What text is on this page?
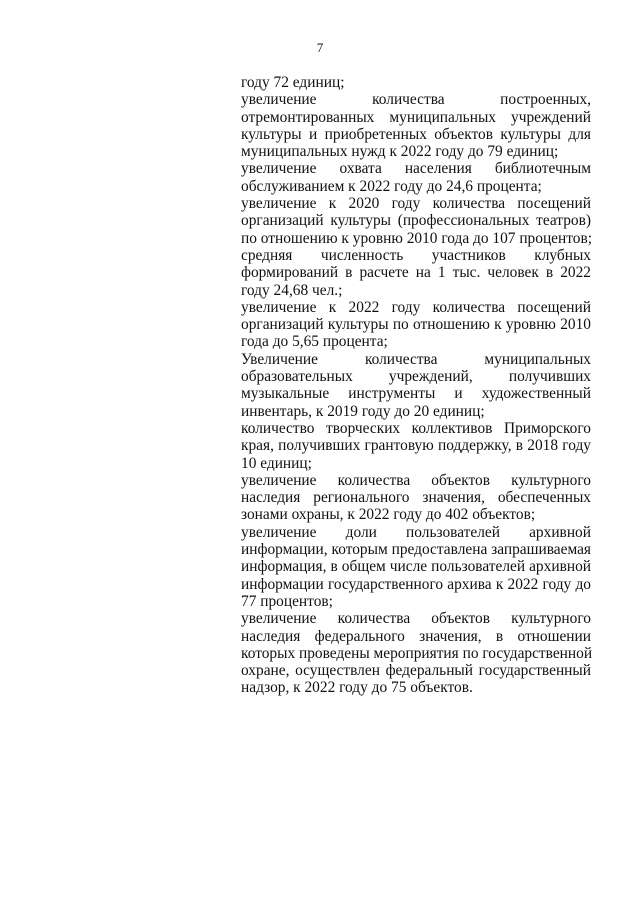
7
году 72 единиц;
увеличение количества построенных,
отремонтированных муниципальных учреждений
культуры и приобретенных объектов культуры для
муниципальных нужд к 2022 году до 79 единиц;
увеличение охвата населения библиотечным
обслуживанием к 2022 году до 24,6 процента;
увеличение к 2020 году количества посещений
организаций культуры (профессиональных театров)
по отношению к уровню 2010 года до 107 процентов;
средняя численность участников клубных
формирований в расчете на 1 тыс. человек в 2022
году 24,68 чел.;
увеличение к 2022 году количества посещений
организаций культуры по отношению к уровню 2010
года до 5,65 процента;
Увеличение количества муниципальных
образовательных учреждений, получивших
музыкальные инструменты и художественный
инвентарь, к 2019 году до 20 единиц;
количество творческих коллективов Приморского
края, получивших грантовую поддержку, в 2018 году
10 единиц;
увеличение количества объектов культурного
наследия регионального значения, обеспеченных
зонами охраны, к 2022 году до 402 объектов;
увеличение доли пользователей архивной
информации, которым предоставлена запрашиваемая
информация, в общем числе пользователей архивной
информации государственного архива к 2022 году до
77 процентов;
увеличение количества объектов культурного
наследия федерального значения, в отношении
которых проведены мероприятия по государственной
охране, осуществлен федеральный государственный
надзор, к 2022 году до 75 объектов.
